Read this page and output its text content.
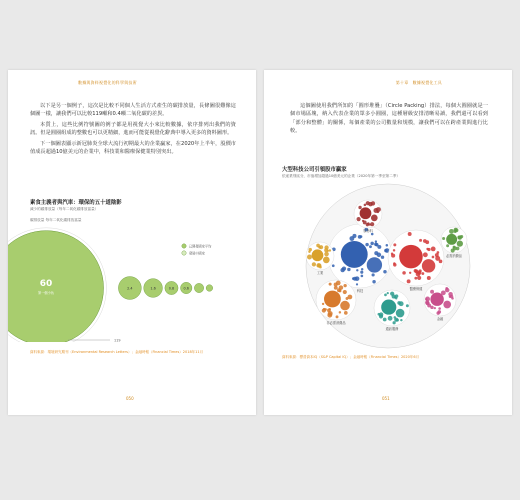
數據與資料視覺化的科學與技術

以下是另一個例子，這次是比較不同個人生活方式產生的碳排放量，長條圖很難像這個圖一樣，讓我們可以比較119噸和0.4噸二氧化碳的差異。

本質上，這些比例符號圖的例子都是用視覺大小來比較數據，依序排列出我們的資訊。但是圓圈組成的整數也可以更精細，進而可能從視覺化辭典中導入更多的資料圖形。

下一個圖表顯示新冠肺炎全球大流行初期最大的企業贏家，在2020年上半年，股價市值成長超過10億美元的企業中，科技業和醫療保健業特別突出。

素食主義者與汽車：環保的五十道陰影
減少的碳排放量（每年二氧化碳排放當量）
碳排放量 每年二氧化碳排放當量
60
第一個小孩
119
2.4	1.6	0.8	0.6
已開發國家平均
發展中國家
資料來源：環境研究期刊（Environmental Research Letters）；金融時報（Financial Times）2018年11月
050
第十章　數據視覺化工具

這個圖使用我們所知的「圓形堆疊」（Circle Packing）排法，每個大圓圈就是一個市場區塊，納入代表企業的眾多小圓圈，這種層級安排清晰易讀，我們還可以看到「部分和整體」的關係，每個產業的公司數量和規模，讓我們可以在跨產業間進行比較。

大型科技公司引領股市贏家
依產業別區分，市值增加超過10億美元的企業（2020年第一季至第二季）
科技	醫療保健
非必需消費品
通訊服務
金融
工業
必需消費品
原物料
資料來源：標普資本IQ（S&P Capital IQ）；金融時報（Financial Times）2020年6月
051
